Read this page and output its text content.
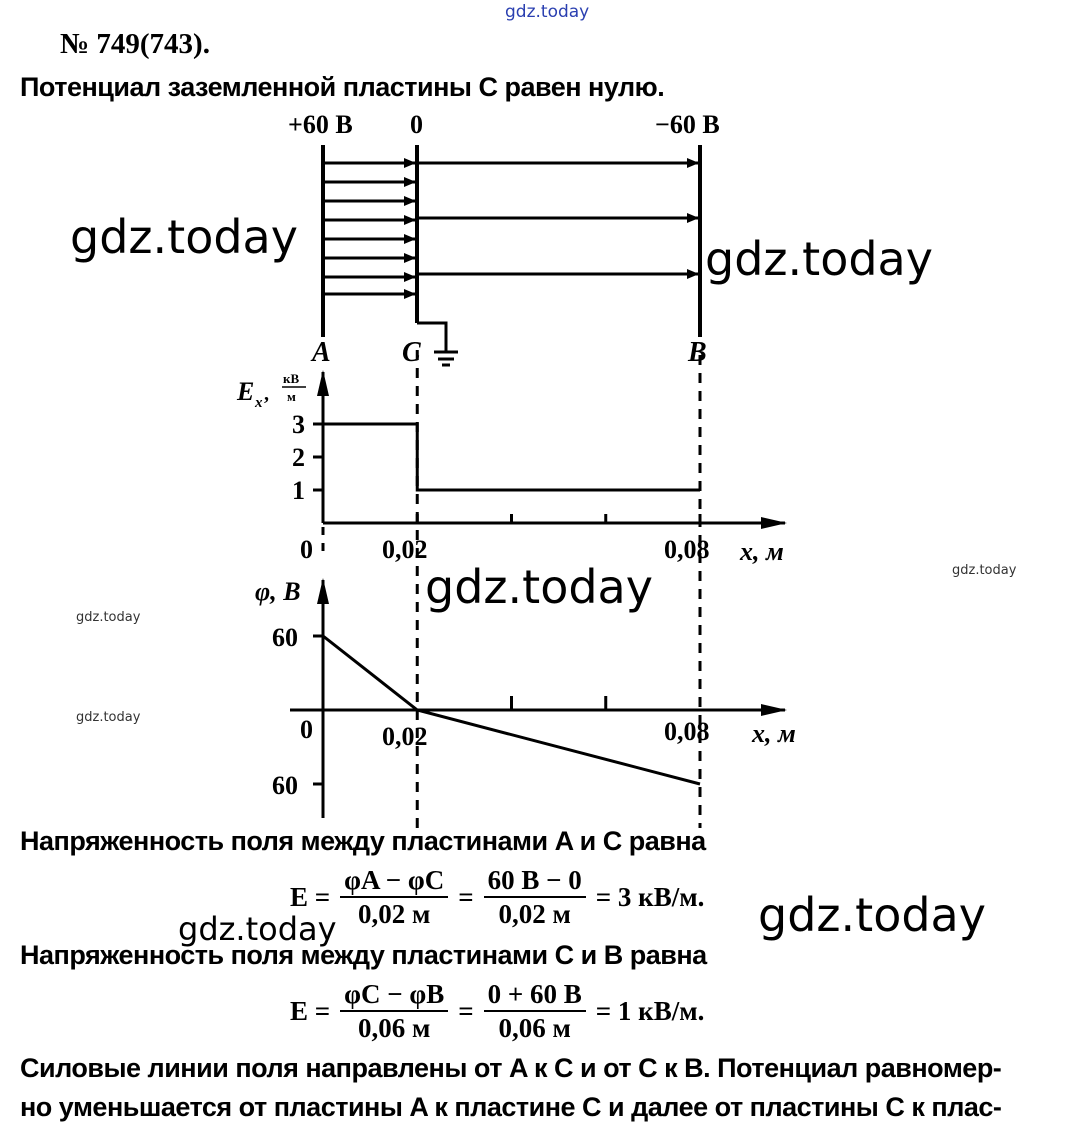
gdz.today
gdz.today	gdz.today
gdz.today
gdz.today
gdz.today
gdz.today
gdz.today
gdz.today
№ 749(743).
Потенциал заземленной пластины C равен нулю.
+60 В 0	−60 В
A	C	B
E x ,
кВ
м
3
2
1
0	0,02	0,08 x, м
φ, B
60
60
0	0,02	0,08 x, м
Напряженность поля между пластинами A и C равна
$E = \frac{\varphi A - \varphi C}{0,02 м} = \frac{60 В - 0}{0,02 м} = 3$ кВ/м.
Напряженность поля между пластинами C и B равна
$E = \frac{\varphi C - \varphi B}{0,06 м} = \frac{0 + 60 В}{0,06 м} = 1$ кВ/м.
Силовые линии поля направлены от A к C и от C к B. Потенциал равномер-
но уменьшается от пластины A к пластине C и далее от пластины C к плас-
